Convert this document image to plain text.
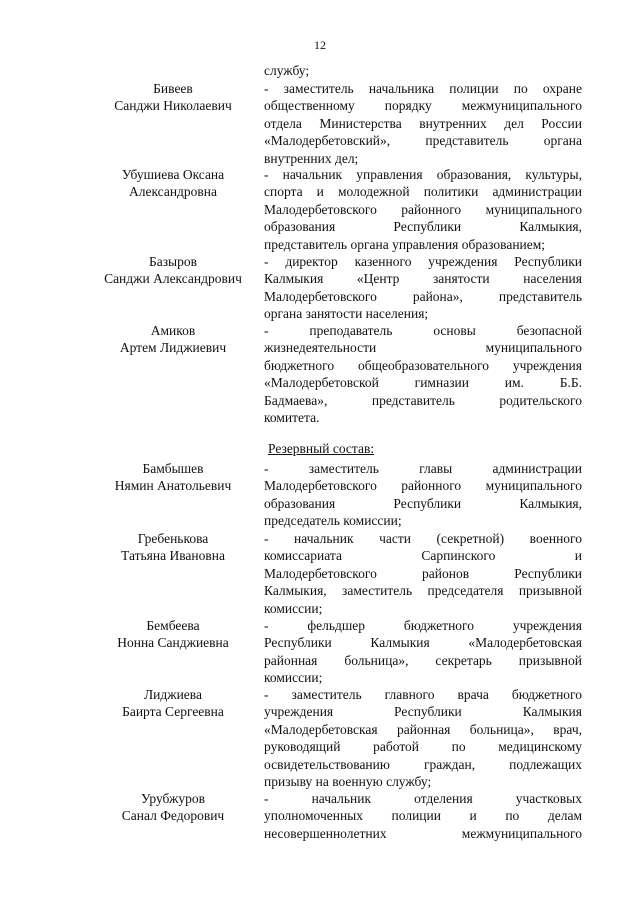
12
службу;
Бивеев
Санджи Николаевич
- заместитель начальника полиции по охране
общественному порядку межмуниципального
отдела Министерства внутренних дел России
«Малодербетовский», представитель органа
внутренних дел;
Убушиева Оксана
Александровна
- начальник управления образования, культуры,
спорта и молодежной политики администрации
Малодербетовского районного муниципального
образования Республики Калмыкия,
представитель органа управления образованием;
Базыров
Санджи Александрович
- директор казенного учреждения Республики
Калмыкия «Центр занятости населения
Малодербетовского района», представитель
органа занятости населения;
Амиков
Артем Лиджиевич
- преподаватель основы безопасной
жизнедеятельности муниципального
бюджетного общеобразовательного учреждения
«Малодербетовской гимназии им. Б.Б.
Бадмаева», представитель родительского
комитета.
Резервный состав:
Бамбышев
Нямин Анатольевич
- заместитель главы администрации
Малодербетовского районного муниципального
образования Республики Калмыкия,
председатель комиссии;
Гребенькова
Татьяна Ивановна
- начальник части (секретной) военного
комиссариата Сарпинского и
Малодербетовского районов Республики
Калмыкия, заместитель председателя призывной
комиссии;
Бембеева
Нонна Санджиевна
- фельдшер бюджетного учреждения
Республики Калмыкия «Малодербетовская
районная больница», секретарь призывной
комиссии;
Лиджиева
Баирта Сергеевна
- заместитель главного врача бюджетного
учреждения Республики Калмыкия
«Малодербетовская районная больница», врач,
руководящий работой по медицинскому
освидетельствованию граждан, подлежащих
призыву на военную службу;
Урубжуров
Санал Федорович
- начальник отделения участковых
уполномоченных полиции и по делам
несовершеннолетних межмуниципального
